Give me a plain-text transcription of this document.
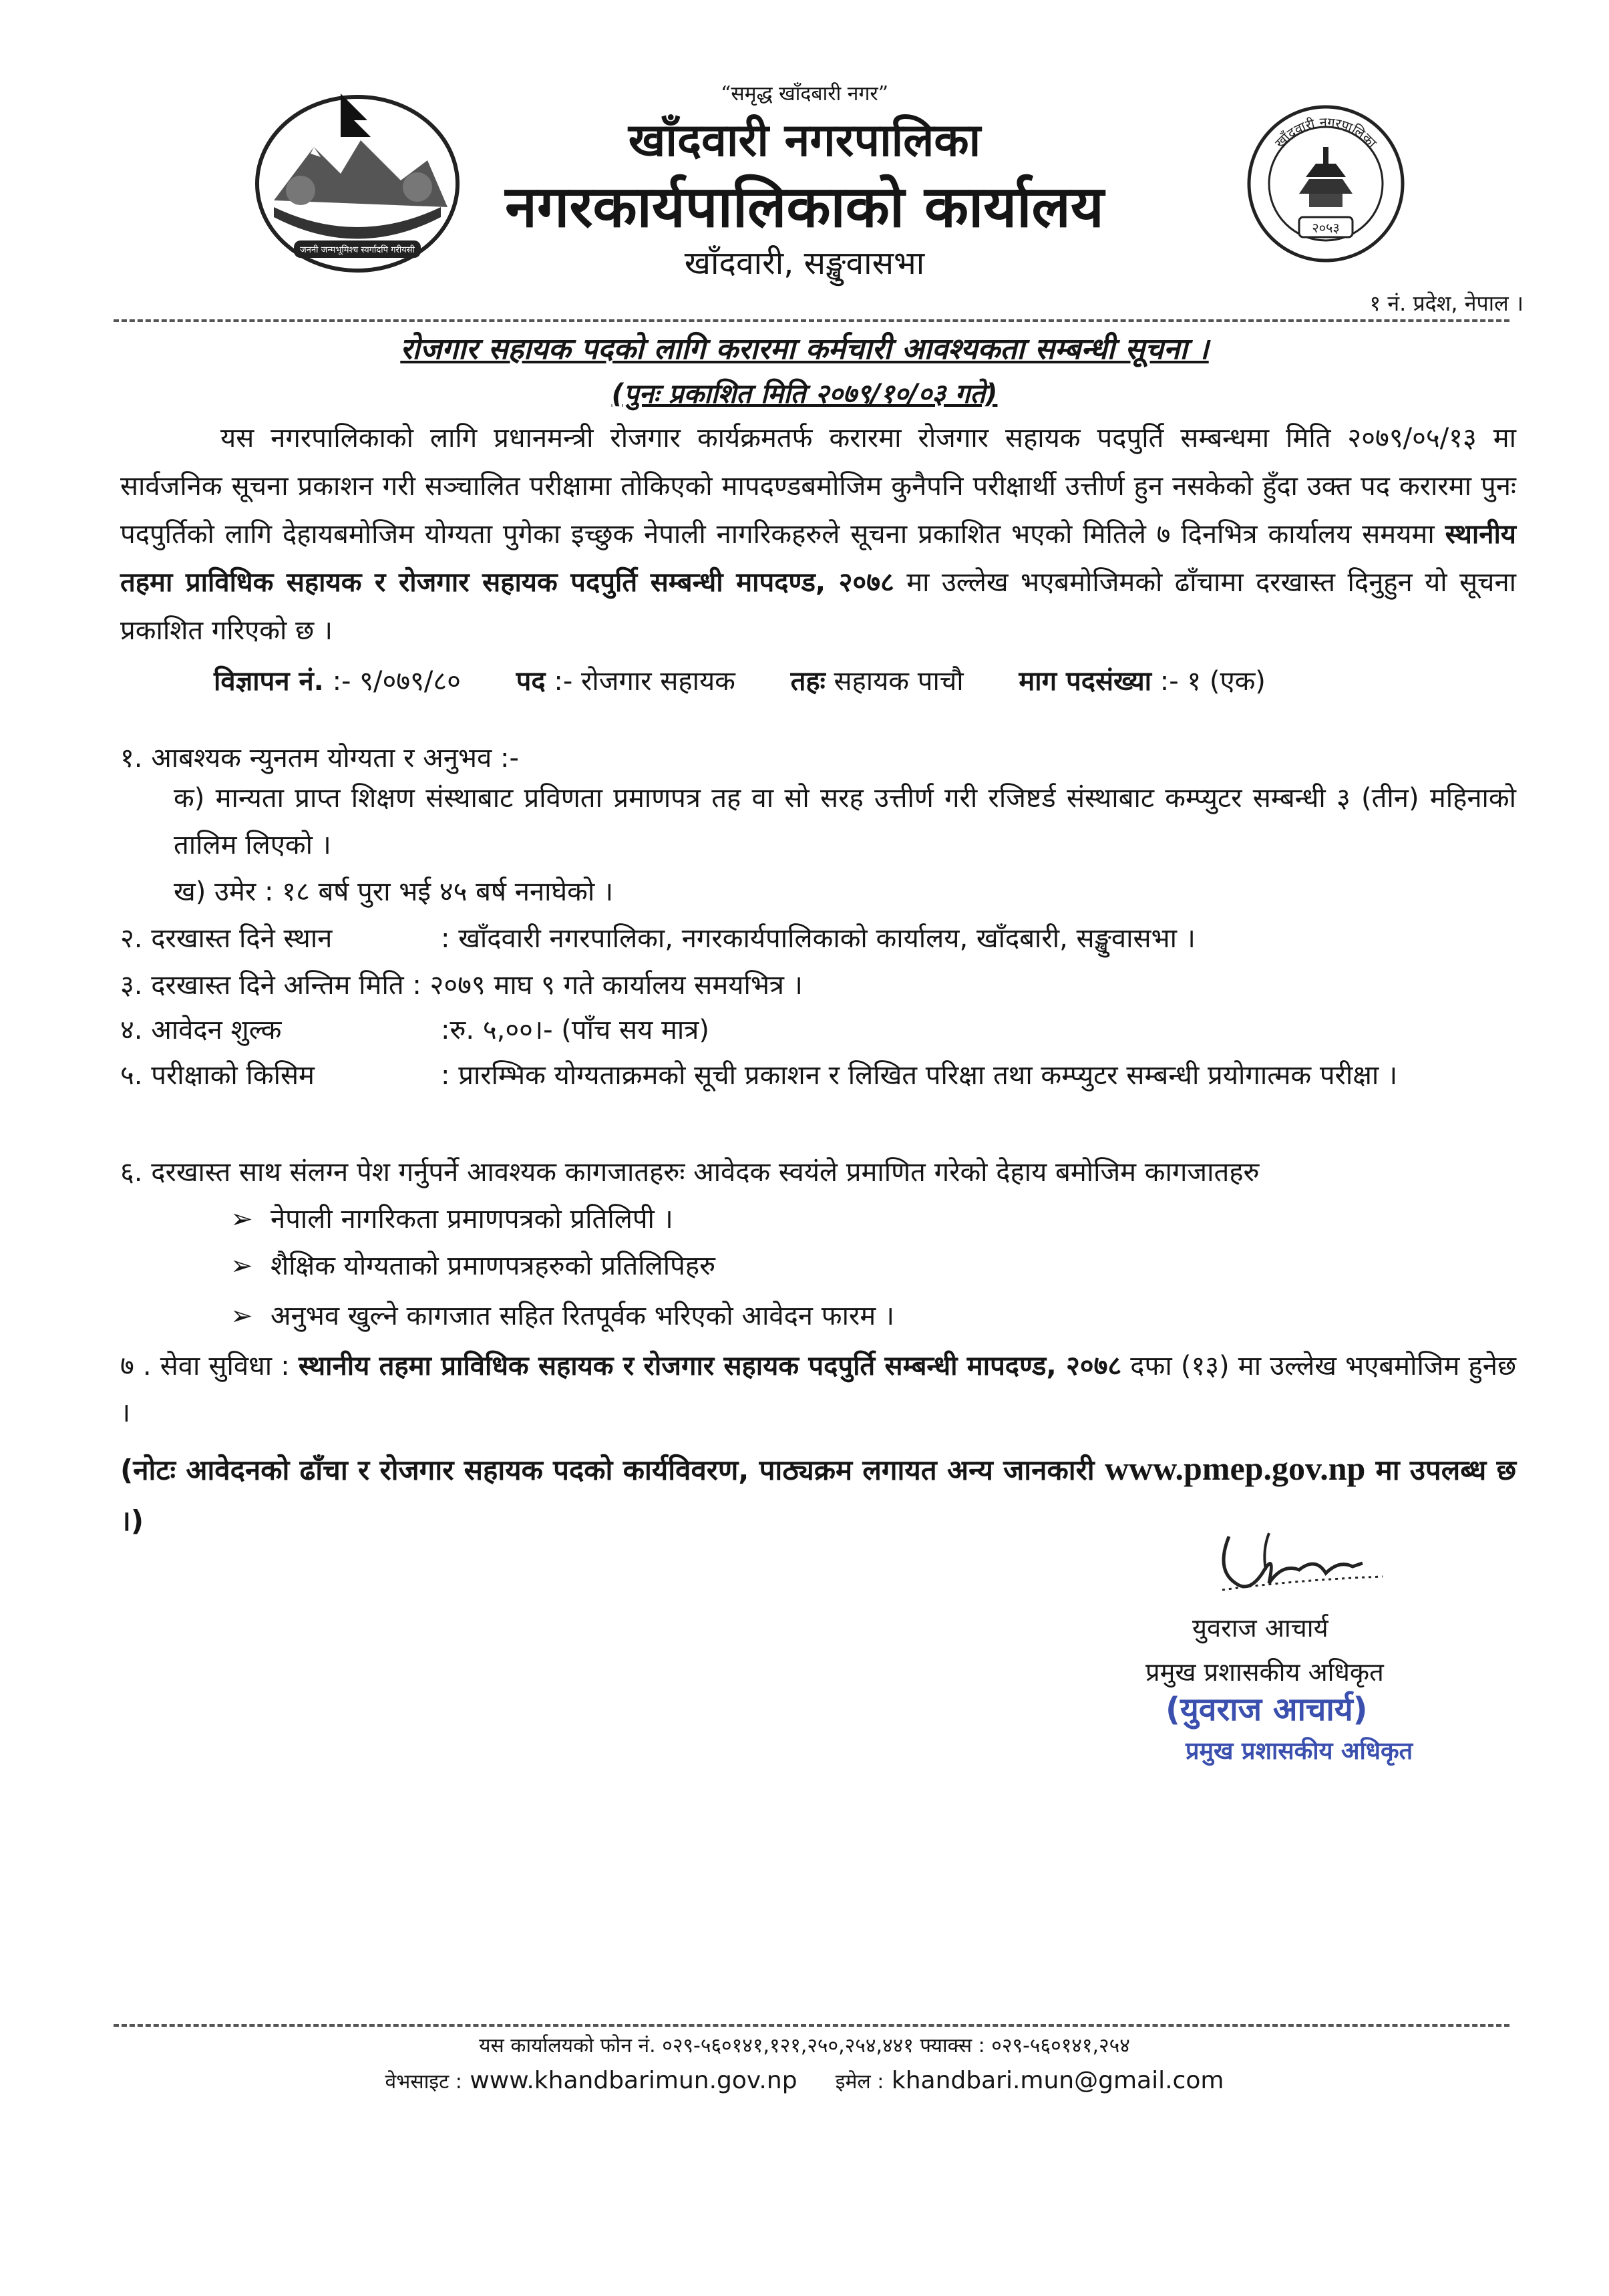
जननी जन्मभूमिश्च स्वर्गादपि गरीयसी
खाँदवारी नगरपालिका
२०५३
“समृद्ध खाँदबारी नगर”
खाँदवारी नगरपालिका
नगरकार्यपालिकाको कार्यालय
खाँदवारी, सङ्खुवासभा
१ नं. प्रदेश, नेपाल ।
रोजगार सहायक पदको लागि करारमा कर्मचारी आवश्यकता सम्बन्धी सूचना ।
(पुनः प्रकाशित मिति २०७९/१०/०३ गते)
यस नगरपालिकाको लागि प्रधानमन्त्री रोजगार कार्यक्रमतर्फ करारमा रोजगार सहायक पदपुर्ति सम्बन्धमा मिति २०७९/०५/१३ मा सार्वजनिक सूचना प्रकाशन गरी सञ्चालित परीक्षामा तोकिएको मापदण्डबमोजिम कुनैपनि परीक्षार्थी उत्तीर्ण हुन नसकेको हुँदा उक्त पद करारमा पुनः पदपुर्तिको लागि देहायबमोजिम योग्यता पुगेका इच्छुक नेपाली नागरिकहरुले सूचना प्रकाशित भएको मितिले ७ दिनभित्र कार्यालय समयमा स्थानीय तहमा प्राविधिक सहायक र रोजगार सहायक पदपुर्ति सम्बन्धी मापदण्ड, २०७८ मा उल्लेख भएबमोजिमको ढाँचामा दरखास्त दिनुहुन यो सूचना प्रकाशित गरिएको छ ।
विज्ञापन नं. :- ९/०७९/८० पद :- रोजगार सहायक तहः सहायक पाचौ माग पदसंख्या :- १ (एक)
१. आबश्यक न्युनतम योग्यता र अनुभव :-
क) मान्यता प्राप्त शिक्षण संस्थाबाट प्रविणता प्रमाणपत्र तह वा सो सरह उत्तीर्ण गरी रजिष्टर्ड संस्थाबाट कम्प्युटर सम्बन्धी ३ (तीन) महिनाको तालिम लिएको ।
ख) उमेर : १८ बर्ष पुरा भई ४५ बर्ष ननाघेको ।
२. दरखास्त दिने स्थान	: खाँदवारी नगरपालिका, नगरकार्यपालिकाको कार्यालय, खाँदबारी, सङ्खुवासभा ।
३. दरखास्त दिने अन्तिम मिति : २०७९ माघ ९ गते कार्यालय समयभित्र ।
४. आवेदन शुल्क	:रु. ५,००।- (पाँच सय मात्र)
५. परीक्षाको किसिम	: प्रारम्भिक योग्यताक्रमको सूची प्रकाशन र लिखित परिक्षा तथा कम्प्युटर सम्बन्धी प्रयोगात्मक परीक्षा ।
६. दरखास्त साथ संलग्न पेश गर्नुपर्ने आवश्यक कागजातहरुः आवेदक स्वयंले प्रमाणित गरेको देहाय बमोजिम कागजातहरु
➢ नेपाली नागरिकता प्रमाणपत्रको प्रतिलिपी ।
➢ शैक्षिक योग्यताको प्रमाणपत्रहरुको प्रतिलिपिहरु
➢ अनुभव खुल्ने कागजात सहित रितपूर्वक भरिएको आवेदन फारम ।
७ . सेवा सुविधा : स्थानीय तहमा प्राविधिक सहायक र रोजगार सहायक पदपुर्ति सम्बन्धी मापदण्ड, २०७८ दफा (१३) मा उल्लेख भएबमोजिम हुनेछ ।
(नोटः आवेदनको ढाँचा र रोजगार सहायक पदको कार्यविवरण, पाठ्यक्रम लगायत अन्य जानकारी www.pmep.gov.np मा उपलब्ध छ ।)
युवराज आचार्य
प्रमुख प्रशासकीय अधिकृत
(युवराज आचार्य)
प्रमुख प्रशासकीय अधिकृत
यस कार्यालयको फोन नं. ०२९-५६०१४१,१२१,२५०,२५४,४४१ फ्याक्स : ०२९-५६०१४१,२५४
वेभसाइट : www.khandbarimun.gov.np इमेल : khandbari.mun@gmail.com
